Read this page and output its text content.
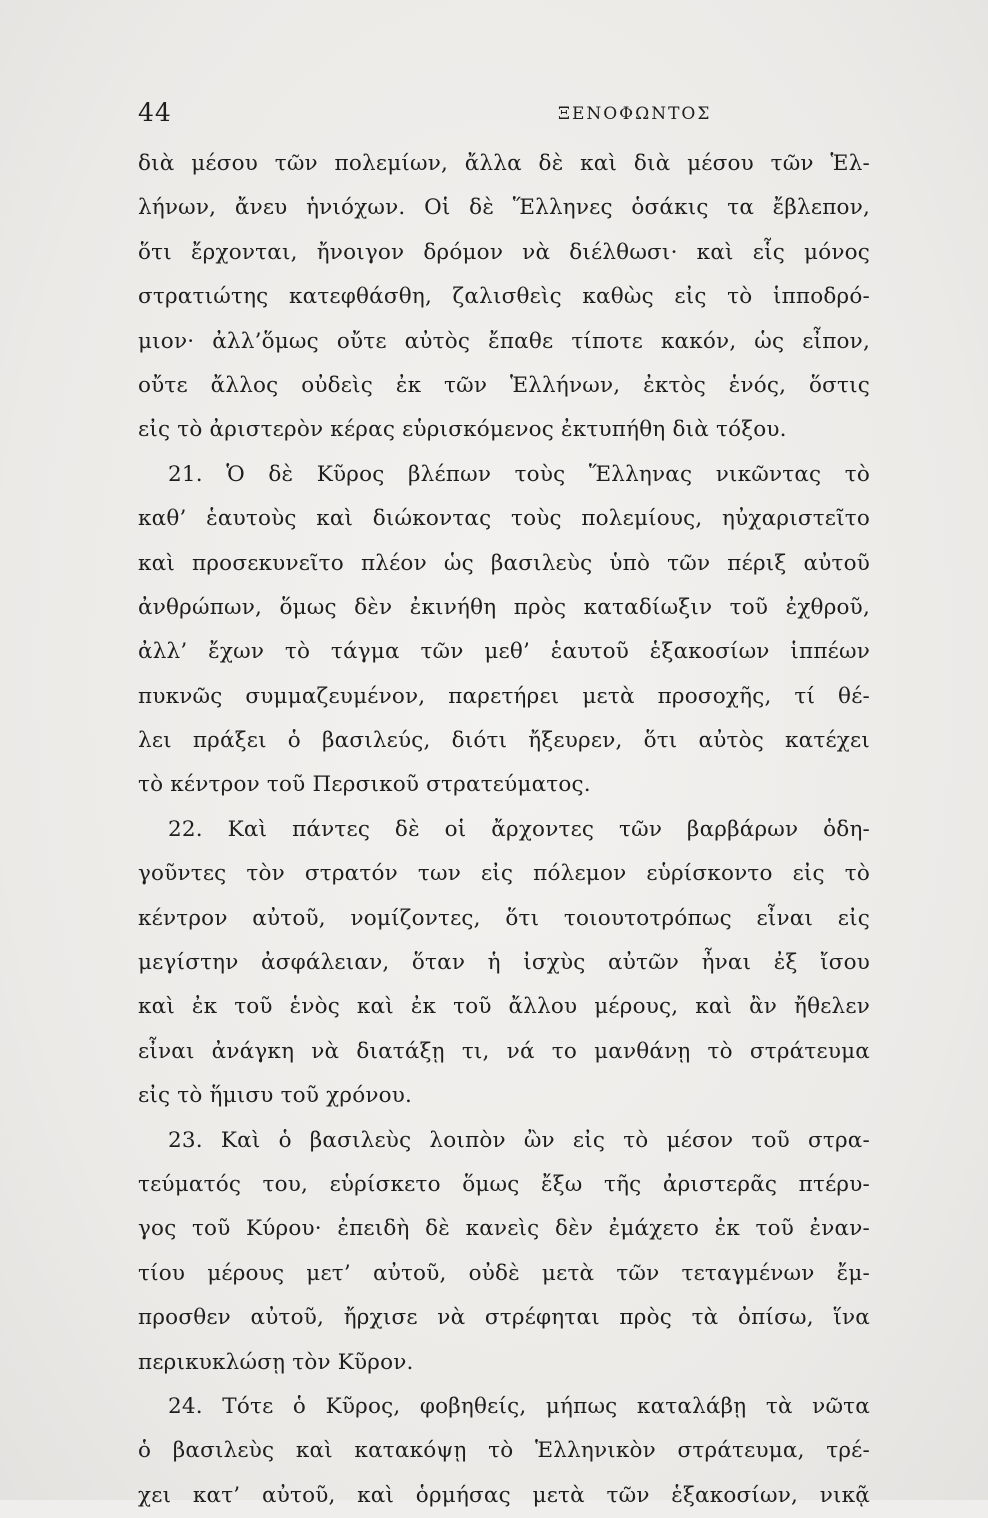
44	ΞΕΝΟΦΩΝΤΟΣ
διὰ μέσου τῶν πολεμίων, ἄλλα δὲ καὶ διὰ μέσου τῶν Ἑλ-
λήνων, ἄνευ ἡνιόχων. Οἱ δὲ Ἕλληνες ὁσάκις τα ἔβλεπον,
ὅτι ἔρχονται, ἤνοιγον δρόμον νὰ διέλθωσι· καὶ εἷς μόνος
στρατιώτης κατεφθάσθη, ζαλισθεὶς καθὼς εἰς τὸ ἱπποδρό-
μιον· ἀλλ’ὅμως οὔτε αὐτὸς ἔπαθε τίποτε κακόν, ὡς εἶπον,
οὔτε ἄλλος οὐδεὶς ἐκ τῶν Ἑλλήνων, ἐκτὸς ἑνός, ὅστις
εἰς τὸ ἀριστερὸν κέρας εὑρισκόμενος ἐκτυπήθη διὰ τόξου.
21. Ὁ δὲ Κῦρος βλέπων τοὺς Ἕλληνας νικῶντας τὸ
καθ’ ἑαυτοὺς καὶ διώκοντας τοὺς πολεμίους, ηὐχαριστεῖτο
καὶ προσεκυνεῖτο πλέον ὡς βασιλεὺς ὑπὸ τῶν πέριξ αὐτοῦ
ἀνθρώπων, ὅμως δὲν ἐκινήθη πρὸς καταδίωξιν τοῦ ἐχθροῦ,
ἀλλ’ ἔχων τὸ τάγμα τῶν μεθ’ ἑαυτοῦ ἑξακοσίων ἱππέων
πυκνῶς συμμαζευμένον, παρετήρει μετὰ προσοχῆς, τί θέ-
λει πράξει ὁ βασιλεύς, διότι ἤξευρεν, ὅτι αὐτὸς κατέχει
τὸ κέντρον τοῦ Περσικοῦ στρατεύματος.
22. Καὶ πάντες δὲ οἱ ἄρχοντες τῶν βαρβάρων ὁδη-
γοῦντες τὸν στρατόν των εἰς πόλεμον εὑρίσκοντο εἰς τὸ
κέντρον αὐτοῦ, νομίζοντες, ὅτι τοιουτοτρόπως εἶναι εἰς
μεγίστην ἀσφάλειαν, ὅταν ἡ ἰσχὺς αὐτῶν ἦναι ἐξ ἴσου
καὶ ἐκ τοῦ ἑνὸς καὶ ἐκ τοῦ ἄλλου μέρους, καὶ ἂν ἤθελεν
εἶναι ἀνάγκη νὰ διατάξῃ τι, νά το μανθάνῃ τὸ στράτευμα
εἰς τὸ ἥμισυ τοῦ χρόνου.
23. Καὶ ὁ βασιλεὺς λοιπὸν ὢν εἰς τὸ μέσον τοῦ στρα-
τεύματός του, εὑρίσκετο ὅμως ἔξω τῆς ἀριστερᾶς πτέρυ-
γος τοῦ Κύρου· ἐπειδὴ δὲ κανεὶς δὲν ἐμάχετο ἐκ τοῦ ἐναν-
τίου μέρους μετ’ αὐτοῦ, οὐδὲ μετὰ τῶν τεταγμένων ἔμ-
προσθεν αὐτοῦ, ἤρχισε νὰ στρέφηται πρὸς τὰ ὀπίσω, ἵνα
περικυκλώσῃ τὸν Κῦρον.
24. Τότε ὁ Κῦρος, φοβηθείς, μήπως καταλάβῃ τὰ νῶτα
ὁ βασιλεὺς καὶ κατακόψῃ τὸ Ἑλληνικὸν στράτευμα, τρέ-
χει κατ’ αὐτοῦ, καὶ ὁρμήσας μετὰ τῶν ἑξακοσίων, νικᾷ
